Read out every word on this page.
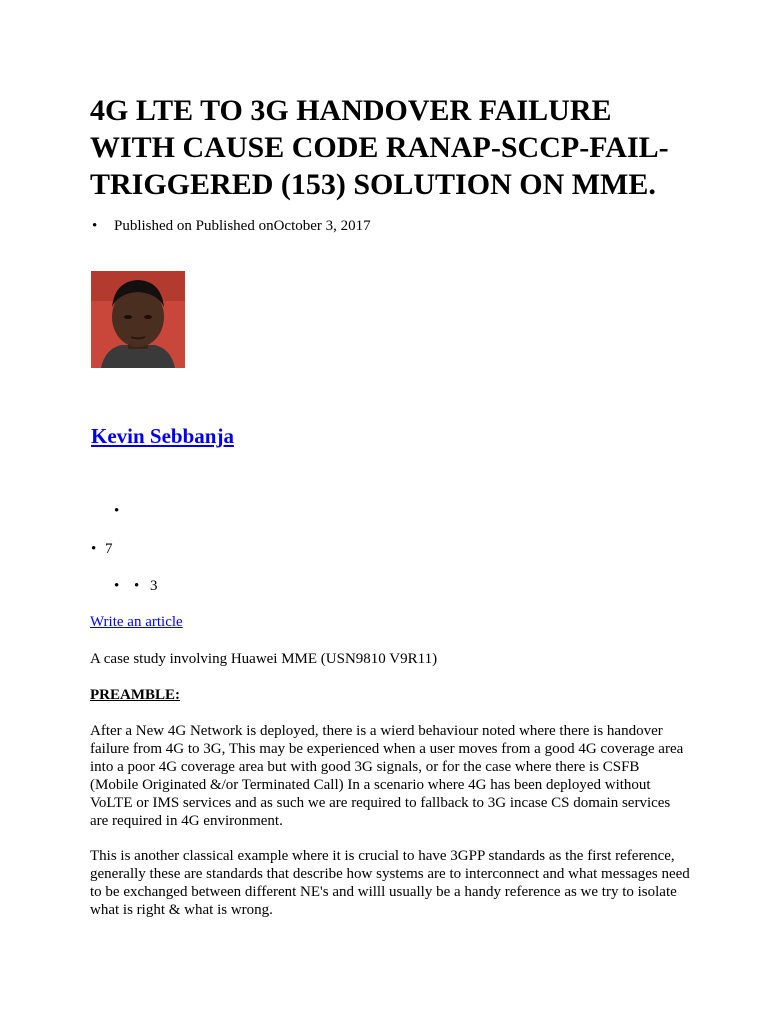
4G LTE TO 3G HANDOVER FAILURE
WITH CAUSE CODE RANAP-SCCP-FAIL-
TRIGGERED (153) SOLUTION ON MME.
• Published on Published onOctober 3, 2017
Kevin Sebbanja
•
• 7
• • 3
Write an article
A case study involving Huawei MME (USN9810 V9R11)
PREAMBLE:

After a New 4G Network is deployed, there is a wierd behaviour noted where there is handover failure from 4G to 3G, This may be experienced when a user moves from a good 4G coverage area into a poor 4G coverage area but with good 3G signals, or for the case where there is CSFB (Mobile Originated &/or Terminated Call) In a scenario where 4G has been deployed without VoLTE or IMS services and as such we are required to fallback to 3G incase CS domain services are required in 4G environment.

This is another classical example where it is crucial to have 3GPP standards as the first reference, generally these are standards that describe how systems are to interconnect and what messages need to be exchanged between different NE's and willl usually be a handy reference as we try to isolate what is right & what is wrong.
